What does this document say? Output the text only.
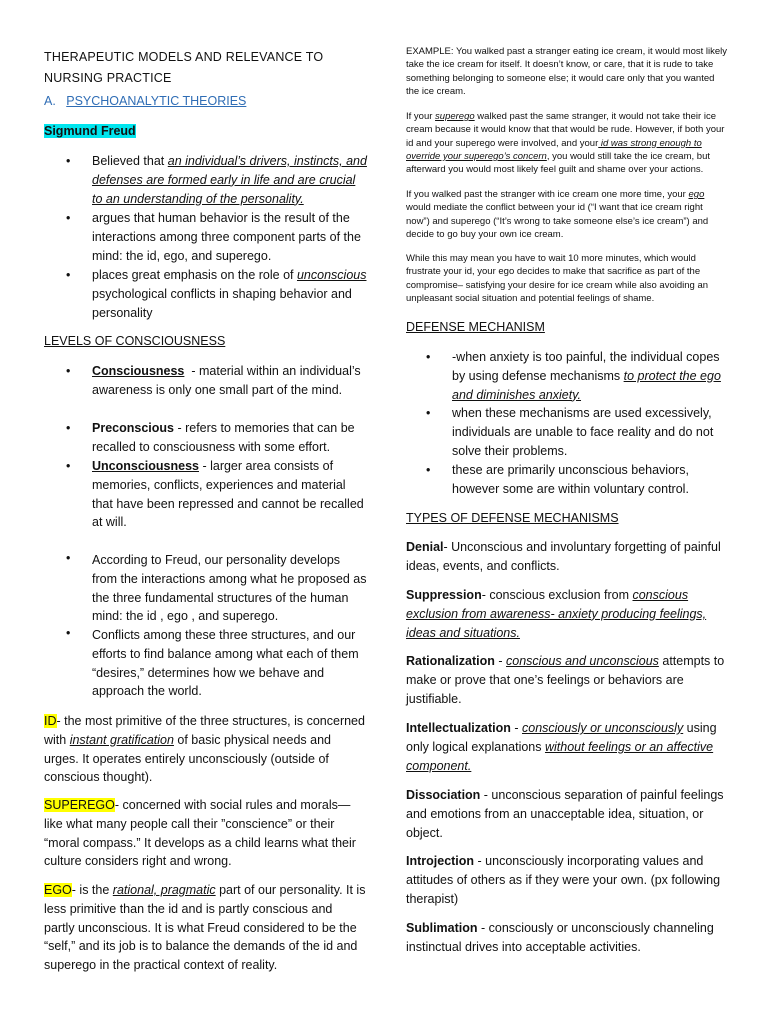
THERAPEUTIC MODELS AND RELEVANCE TO NURSING PRACTICE

A. PSYCHOANALYTIC THEORIES

Sigmund Freud

• Believed that an individual’s drivers, instincts, and defenses are formed early in life and are crucial to an understanding of the personality.
• argues that human behavior is the result of the interactions among three component parts of the mind: the id, ego, and superego.
• places great emphasis on the role of unconscious psychological conflicts in shaping behavior and personality

LEVELS OF CONSCIOUSNESS

• Consciousness  - material within an individual’s awareness is only one small part of the mind.
• Preconscious - refers to memories that can be recalled to consciousness with some effort.
• Unconsciousness - larger area consists of memories, conflicts, experiences and material that have been repressed and cannot be recalled at will.
According to Freud, our personality develops from the interactions among what he proposed as the three fundamental structures of the human mind: the id , ego , and superego.
•
Conflicts among these three structures, and our efforts to find balance among what each of them “desires,” determines how we behave and approach the world.
•

ID- the most primitive of the three structures, is concerned with instant gratification of basic physical needs and urges. It operates entirely unconsciously (outside of conscious thought).

SUPEREGO- concerned with social rules and morals—like what many people call their ”conscience” or their “moral compass.” It develops as a child learns what their culture considers right and wrong.

EGO- is the rational, pragmatic part of our personality. It is less primitive than the id and is partly conscious and partly unconscious. It is what Freud considered to be the “self,” and its job is to balance the demands of the id and superego in the practical context of reality.

EXAMPLE: You walked past a stranger eating ice cream, it would most likely take the ice cream for itself. It doesn’t know, or care, that it is rude to take something belonging to someone else; it would care only that you wanted the ice cream.

If your superego walked past the same stranger, it would not take their ice cream because it would know that that would be rude. However, if both your id and your superego were involved, and your id was strong enough to override your superego’s concern, you would still take the ice cream, but afterward you would most likely feel guilt and shame over your actions.

If you walked past the stranger with ice cream one more time, your ego would mediate the conflict between your id (“I want that ice cream right now”) and superego (“It’s wrong to take someone else’s ice cream”) and decide to go buy your own ice cream.

While this may mean you have to wait 10 more minutes, which would frustrate your id, your ego decides to make that sacrifice as part of the compromise– satisfying your desire for ice cream while also avoiding an unpleasant social situation and potential feelings of shame.

DEFENSE MECHANISM

• -when anxiety is too painful, the individual copes by using defense mechanisms to protect the ego and diminishes anxiety.
• when these mechanisms are used excessively, individuals are unable to face reality and do not solve their problems.
• these are primarily unconscious behaviors, however some are within voluntary control.

TYPES OF DEFENSE MECHANISMS

Denial- Unconscious and involuntary forgetting of painful ideas, events, and conflicts.

Suppression- conscious exclusion from conscious exclusion from awareness- anxiety producing feelings, ideas and situations.

Rationalization - conscious and unconscious attempts to make or prove that one’s feelings or behaviors are justifiable.

Intellectualization - consciously or unconsciously using only logical explanations without feelings or an affective component.

Dissociation - unconscious separation of painful feelings and emotions from an unacceptable idea, situation, or object.

Introjection - unconsciously incorporating values and attitudes of others as if they were your own. (px following therapist)

Sublimation - consciously or unconsciously channeling instinctual drives into acceptable activities.
